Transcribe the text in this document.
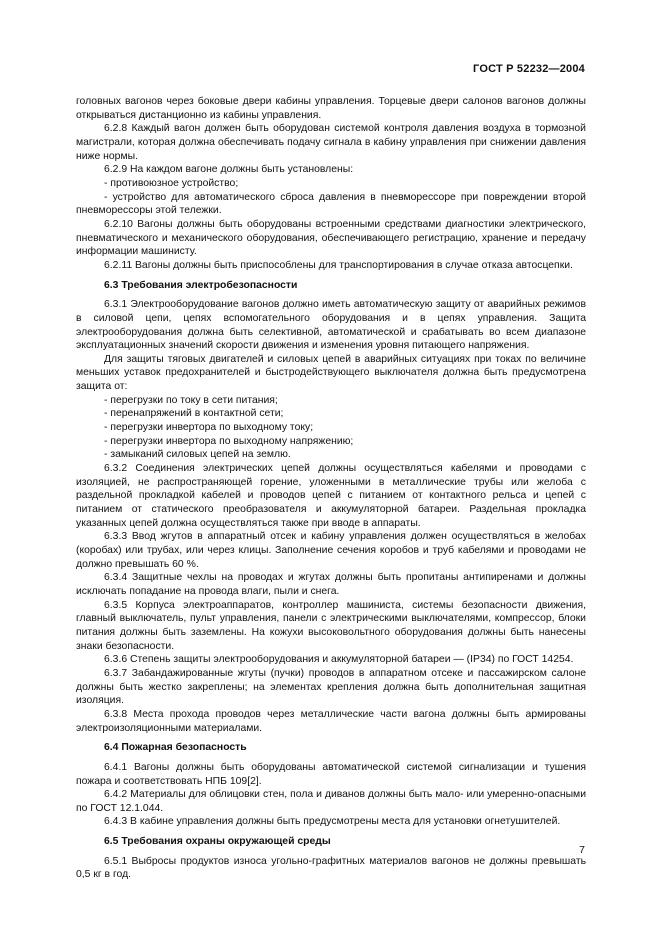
ГОСТ Р 52232—2004

головных вагонов через боковые двери кабины управления. Торцевые двери салонов вагонов должны открываться дистанционно из кабины управления.

6.2.8 Каждый вагон должен быть оборудован системой контроля давления воздуха в тормозной магистрали, которая должна обеспечивать подачу сигнала в кабину управления при снижении давления ниже нормы.

6.2.9 На каждом вагоне должны быть установлены:

- противоюзное устройство;

- устройство для автоматического сброса давления в пневморессоре при повреждении второй пневморессоры этой тележки.

6.2.10 Вагоны должны быть оборудованы встроенными средствами диагностики электрического, пневматического и механического оборудования, обеспечивающего регистрацию, хранение и передачу информации машинисту.

6.2.11 Вагоны должны быть приспособлены для транспортирования в случае отказа автосцепки.

6.3 Требования электробезопасности

6.3.1 Электрооборудование вагонов должно иметь автоматическую защиту от аварийных режимов в силовой цепи, цепях вспомогательного оборудования и в цепях управления. Защита электрооборудования должна быть селективной, автоматической и срабатывать во всем диапазоне эксплуатационных значений скорости движения и изменения уровня питающего напряжения.

Для защиты тяговых двигателей и силовых цепей в аварийных ситуациях при токах по величине меньших уставок предохранителей и быстродействующего выключателя должна быть предусмотрена защита от:

- перегрузки по току в сети питания;

- перенапряжений в контактной сети;

- перегрузки инвертора по выходному току;

- перегрузки инвертора по выходному напряжению;

- замыканий силовых цепей на землю.

6.3.2 Соединения электрических цепей должны осуществляться кабелями и проводами с изоляцией, не распространяющей горение, уложенными в металлические трубы или желоба с раздельной прокладкой кабелей и проводов цепей с питанием от контактного рельса и цепей с питанием от статического преобразователя и аккумуляторной батареи. Раздельная прокладка указанных цепей должна осуществляться также при вводе в аппараты.

6.3.3 Ввод жгутов в аппаратный отсек и кабину управления должен осуществляться в желобах (коробах) или трубах, или через клицы. Заполнение сечения коробов и труб кабелями и проводами не должно превышать 60 %.

6.3.4 Защитные чехлы на проводах и жгутах должны быть пропитаны антипиренами и должны исключать попадание на провода влаги, пыли и снега.

6.3.5 Корпуса электроаппаратов, контроллер машиниста, системы безопасности движения, главный выключатель, пульт управления, панели с электрическими выключателями, компрессор, блоки питания должны быть заземлены. На кожухи высоковольтного оборудования должны быть нанесены знаки безопасности.

6.3.6 Степень защиты электрооборудования и аккумуляторной батареи — (IP34) по ГОСТ 14254.

6.3.7 Забандажированные жгуты (пучки) проводов в аппаратном отсеке и пассажирском салоне должны быть жестко закреплены; на элементах крепления должна быть дополнительная защитная изоляция.

6.3.8 Места прохода проводов через металлические части вагона должны быть армированы электроизоляционными материалами.

6.4 Пожарная безопасность

6.4.1 Вагоны должны быть оборудованы автоматической системой сигнализации и тушения пожара и соответствовать НПБ 109[2].

6.4.2 Материалы для облицовки стен, пола и диванов должны быть мало- или умеренно-опасными по ГОСТ 12.1.044.

6.4.3 В кабине управления должны быть предусмотрены места для установки огнетушителей.

6.5 Требования охраны окружающей среды

6.5.1 Выбросы продуктов износа угольно-графитных материалов вагонов не должны превышать 0,5 кг в год.

7
